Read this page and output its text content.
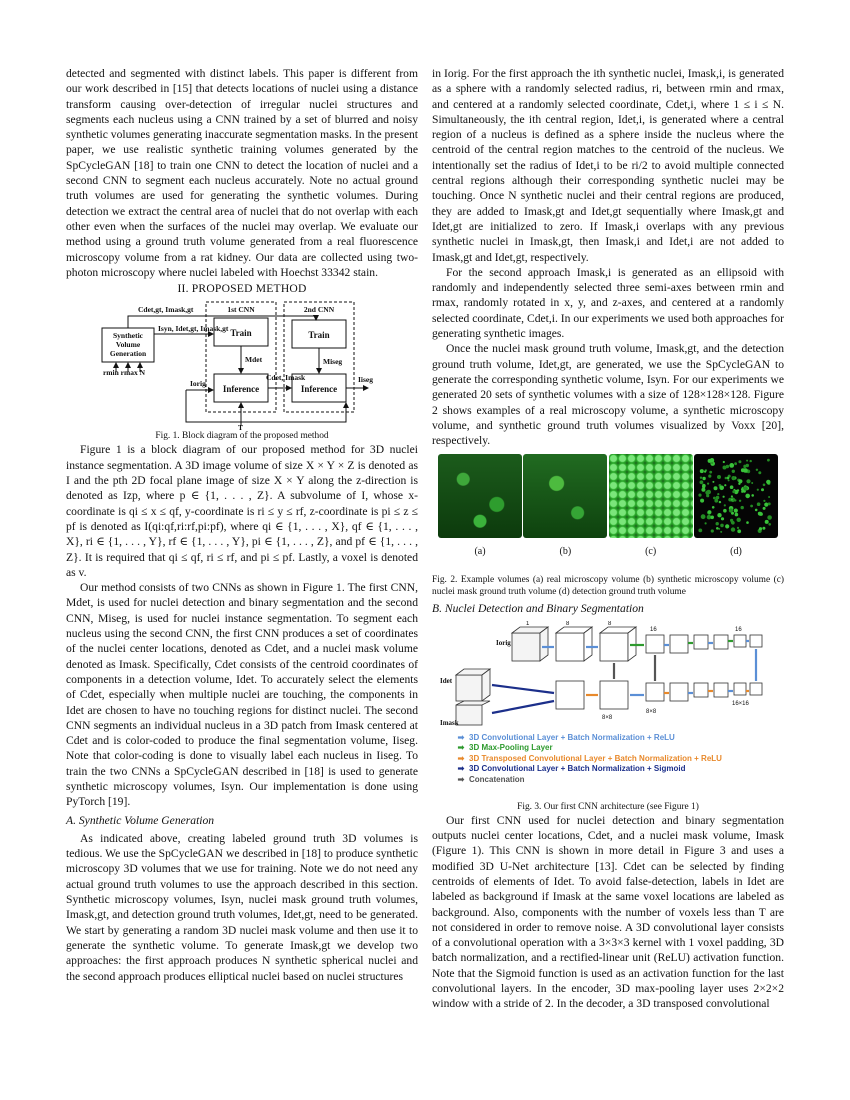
detected and segmented with distinct labels. This paper is different from our work described in [15] that detects locations of nuclei using a distance transform causing over-detection of irregular nuclei structures and segments each nucleus using a CNN trained by a set of blurred and noisy synthetic volumes generating inaccurate segmentation masks. In the present paper, we use realistic synthetic training volumes generated by the SpCycleGAN [18] to train one CNN to detect the location of nuclei and a second CNN to segment each nucleus accurately. Note no actual ground truth volumes are used for generating the synthetic volumes. During detection we extract the central area of nuclei that do not overlap with each other even when the surfaces of the nuclei may overlap. We evaluate our method using a ground truth volume generated from a real fluorescence microscopy volume from a rat kidney. Our data are collected using two-photon microscopy where nuclei labeled with Hoechst 33342 stain.

II. PROPOSED METHOD
Synthetic
Volume
Generation
rmin rmax N
Cdet,gt, Imask,gt	1st CNN
Train
Inference
Mdet
Isyn, Idet,gt, Imask,gt
Iorig
T
2nd CNN
Train
Inference
Miseg
Cdet, Imask	Iiseg
Fig. 1. Block diagram of the proposed method

Figure 1 is a block diagram of our proposed method for 3D nuclei instance segmentation. A 3D image volume of size X × Y × Z is denoted as I and the pth 2D focal plane image of size X × Y along the z-direction is denoted as Izp, where p ∈ {1, . . . , Z}. A subvolume of I, whose x-coordinate is qi ≤ x ≤ qf, y-coordinate is ri ≤ y ≤ rf, z-coordinate is pi ≤ z ≤ pf is denoted as I(qi:qf,ri:rf,pi:pf), where qi ∈ {1, . . . , X}, qf ∈ {1, . . . , X}, ri ∈ {1, . . . , Y}, rf ∈ {1, . . . , Y}, pi ∈ {1, . . . , Z}, and pf ∈ {1, . . . , Z}. It is required that qi ≤ qf, ri ≤ rf, and pi ≤ pf. Lastly, a voxel is denoted as v.

Our method consists of two CNNs as shown in Figure 1. The first CNN, Mdet, is used for nuclei detection and binary segmentation and the second CNN, Miseg, is used for nuclei instance segmentation. To segment each nucleus using the second CNN, the first CNN produces a set of coordinates of the nuclei center locations, denoted as Cdet, and a nuclei mask volume denoted as Imask. Specifically, Cdet consists of the centroid coordinates of components in a detection volume, Idet. To accurately select the elements of Cdet, especially when multiple nuclei are touching, the components in Idet are chosen to have no touching regions for distinct nuclei. The second CNN segments an individual nucleus in a 3D patch from Imask centered at Cdet and is color-coded to produce the final segmentation volume, Iiseg. Note that color-coding is done to visually label each nucleus in Iiseg. To train the two CNNs a SpCycleGAN described in [18] is used to generate synthetic microscopy volumes, Isyn. Our implementation is done using PyTorch [19].

A. Synthetic Volume Generation

As indicated above, creating labeled ground truth 3D volumes is tedious. We use the SpCycleGAN we described in [18] to produce synthetic microscopy 3D volumes that we use for training. Note we do not need any actual ground truth volumes to use the approach described in this section. Synthetic microscopy volumes, Isyn, nuclei mask ground truth volumes, Imask,gt, and detection ground truth volumes, Idet,gt, need to be generated. We start by generating a random 3D nuclei mask volume and then use it to generate the synthetic volume. To generate Imask,gt we develop two approaches: the first approach produces N synthetic spherical nuclei and the second approach produces elliptical nuclei based on nuclei structures

in Iorig. For the first approach the ith synthetic nuclei, Imask,i, is generated as a sphere with a randomly selected radius, ri, between rmin and rmax, and centered at a randomly selected coordinate, Cdet,i, where 1 ≤ i ≤ N. Simultaneously, the ith central region, Idet,i, is generated where a central region of a nucleus is defined as a sphere inside the nucleus where the centroid of the central region matches to the centroid of the nucleus. We intentionally set the radius of Idet,i to be ri/2 to avoid multiple connected central regions although their corresponding synthetic nuclei may be touching. Once N synthetic nuclei and their central regions are produced, they are added to Imask,gt and Idet,gt sequentially where Imask,gt and Idet,gt are initialized to zero. If Imask,i overlaps with any previous synthetic nuclei in Imask,gt, then Imask,i and Idet,i are not added to Imask,gt and Idet,gt, respectively.

For the second approach Imask,i is generated as an ellipsoid with randomly and independently selected three semi-axes between rmin and rmax, randomly rotated in x, y, and z-axes, and centered at a randomly selected coordinate, Cdet,i. In our experiments we used both approaches for generating synthetic images.

Once the nuclei mask ground truth volume, Imask,gt, and the detection ground truth volume, Idet,gt, are generated, we use the SpCycleGAN to generate the corresponding synthetic volume, Isyn. For our experiments we generated 20 sets of synthetic volumes with a size of 128×128×128. Figure 2 shows examples of a real microscopy volume, a synthetic microscopy volume, and synthetic ground truth volumes visualized by Voxx [20], respectively.

(a)	(b)	(c)	(d)
Fig. 2. Example volumes (a) real microscopy volume (b) synthetic microscopy volume (c) nuclei mask ground truth volume (d) detection ground truth volume
B. Nuclei Detection and Binary Segmentation
Iorig
Idet
Imask
1	8	8
16	16
8×8
8×8
16×16
➡ 3D Convolutional Layer + Batch Normalization + ReLU
➡ 3D Max-Pooling Layer
➡ 3D Transposed Convolutional Layer + Batch Normalization + ReLU
➡ 3D Convolutional Layer + Batch Normalization + Sigmoid
➡ Concatenation
Fig. 3. Our first CNN architecture (see Figure 1)

Our first CNN used for nuclei detection and binary segmentation outputs nuclei center locations, Cdet, and a nuclei mask volume, Imask (Figure 1). This CNN is shown in more detail in Figure 3 and uses a modified 3D U-Net architecture [13]. Cdet can be selected by finding centroids of elements of Idet. To avoid false-detection, labels in Idet are labeled as background if Imask at the same voxel locations are labeled as background. Also, components with the number of voxels less than T are not considered in order to remove noise. A 3D convolutional layer consists of a convolutional operation with a 3×3×3 kernel with 1 voxel padding, 3D batch normalization, and a rectified-linear unit (ReLU) activation function. Note that the Sigmoid function is used as an activation function for the last convolutional layers. In the encoder, 3D max-pooling layer uses 2×2×2 window with a stride of 2. In the decoder, a 3D transposed convolutional
